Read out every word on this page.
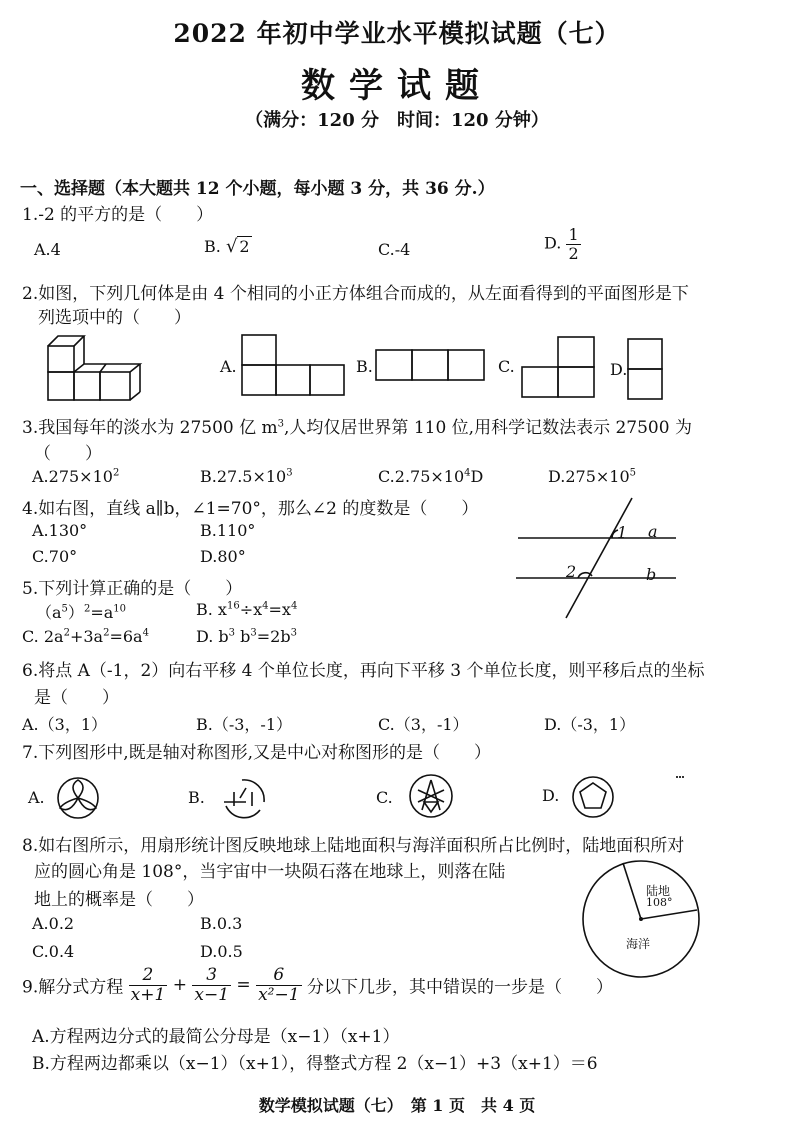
2022 年初中学业水平模拟试题（七）
数学试题
（满分：120 分　时间：120 分钟）
一、选择题（本大题共 12 个小题，每小题 3 分，共 36 分.）
1.-2 的平方的是（　　）
A.4	B. √ 2	C.-4	D. $\frac{1}{2}$
2.如图，下列几何体是由 4 个相同的小正方体组合而成的，从左面看得到的平面图形是下
列选项中的（　　）
A.	B.	C.	D.
3.我国每年的淡水为 27500 亿 $m^3$,人均仅居世界第 110 位,用科学记数法表示 27500 为
（　　）
$A.275\times 10^2$	$B.27.5\times 10^3$	$C.2.75\times 10^4D$	$D.275\times 10^5$
4.如右图，直线 a∥b，∠1=70°，那么∠2 的度数是（　　）
A.130°	B.110°
C.70°	D.80°
1 a
2	b
5.下列计算正确的是（　　）
$(a^5)^2=a^{10}$	B. $x^{16}\div x^4=x^4$
C. $2a^2+3a^2=6a^4$	D. $b^3$ $b^3=2b^3$
6.将点 A（-1，2）向右平移 4 个单位长度，再向下平移 3 个单位长度，则平移后点的坐标
是（　　）
A.（3，1）	B.（-3，-1）	C.（3，-1）	D.（-3，1）
7.下列图形中,既是轴对称图形,又是中心对称图形的是（　　）
A.	B.	C.	D.
8.如右图所示，用扇形统计图反映地球上陆地面积与海洋面积所占比例时，陆地面积所对
应的圆心角是 108°，当宇宙中一块陨石落在地球上，则落在陆
地上的概率是（　　）
A.0.2	B.0.3
C.0.4	D.0.5
陆地
108°
海洋
9.解分式方程 $\frac{2}{x+1} + \frac{3}{x-1} = \frac{6}{\text{x²−1}}$ 分以下几步，其中错误的一步是（　　）
A.方程两边分式的最简公分母是（x−1）（x+1）
B.方程两边都乘以（x−1）（x+1），得整式方程 2（x−1）+3（x+1）＝6
数学模拟试题（七）　第 1 页　共 4 页
